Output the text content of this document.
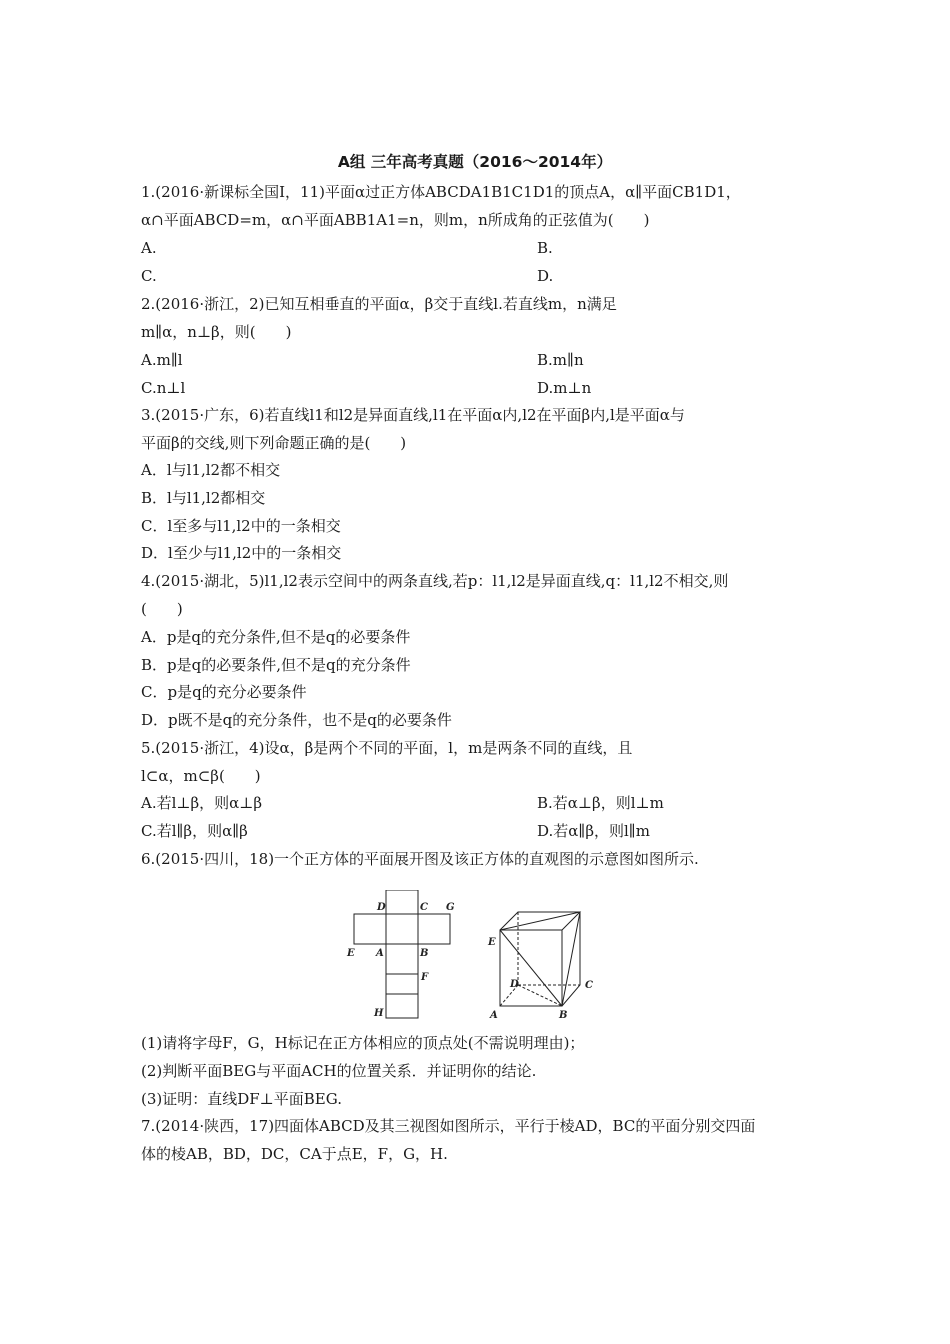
A组 三年高考真题（2016～2014年）
1.(2016·新课标全国Ⅰ，11)平面α过正方体ABCDA1B1C1D1的顶点A，α∥平面CB1D1，
α∩平面ABCD=m，α∩平面ABB1A1=n，则m，n所成角的正弦值为(　　)
A.	B.
C.	D.
2.(2016·浙江，2)已知互相垂直的平面α，β交于直线l.若直线m，n满足
m∥α，n⊥β，则(　　)
A.m∥l	B.m∥n
C.n⊥l	D.m⊥n
3.(2015·广东，6)若直线l1和l2是异面直线,l1在平面α内,l2在平面β内,l是平面α与
平面β的交线,则下列命题正确的是(　　)
A．l与l1,l2都不相交
B．l与l1,l2都相交
C．l至多与l1,l2中的一条相交
D．l至少与l1,l2中的一条相交
4.(2015·湖北，5)l1,l2表示空间中的两条直线,若p：l1,l2是异面直线,q：l1,l2不相交,则
(　　)
A．p是q的充分条件,但不是q的必要条件
B．p是q的必要条件,但不是q的充分条件
C．p是q的充分必要条件
D．p既不是q的充分条件，也不是q的必要条件
5.(2015·浙江，4)设α，β是两个不同的平面，l，m是两条不同的直线，且
l⊂α，m⊂β(　　)
A.若l⊥β，则α⊥β	B.若α⊥β，则l⊥m
C.若l∥β，则α∥β	D.若α∥β，则l∥m
6.(2015·四川，18)一个正方体的平面展开图及该正方体的直观图的示意图如图所示.
D	C G
E A	B
F
H
E
D	C
A	B
(1)请将字母F，G，H标记在正方体相应的顶点处(不需说明理由)；
(2)判断平面BEG与平面ACH的位置关系．并证明你的结论.
(3)证明：直线DF⊥平面BEG.
7.(2014·陕西，17)四面体ABCD及其三视图如图所示，平行于棱AD，BC的平面分别交四面
体的棱AB，BD，DC，CA于点E，F，G，H.
